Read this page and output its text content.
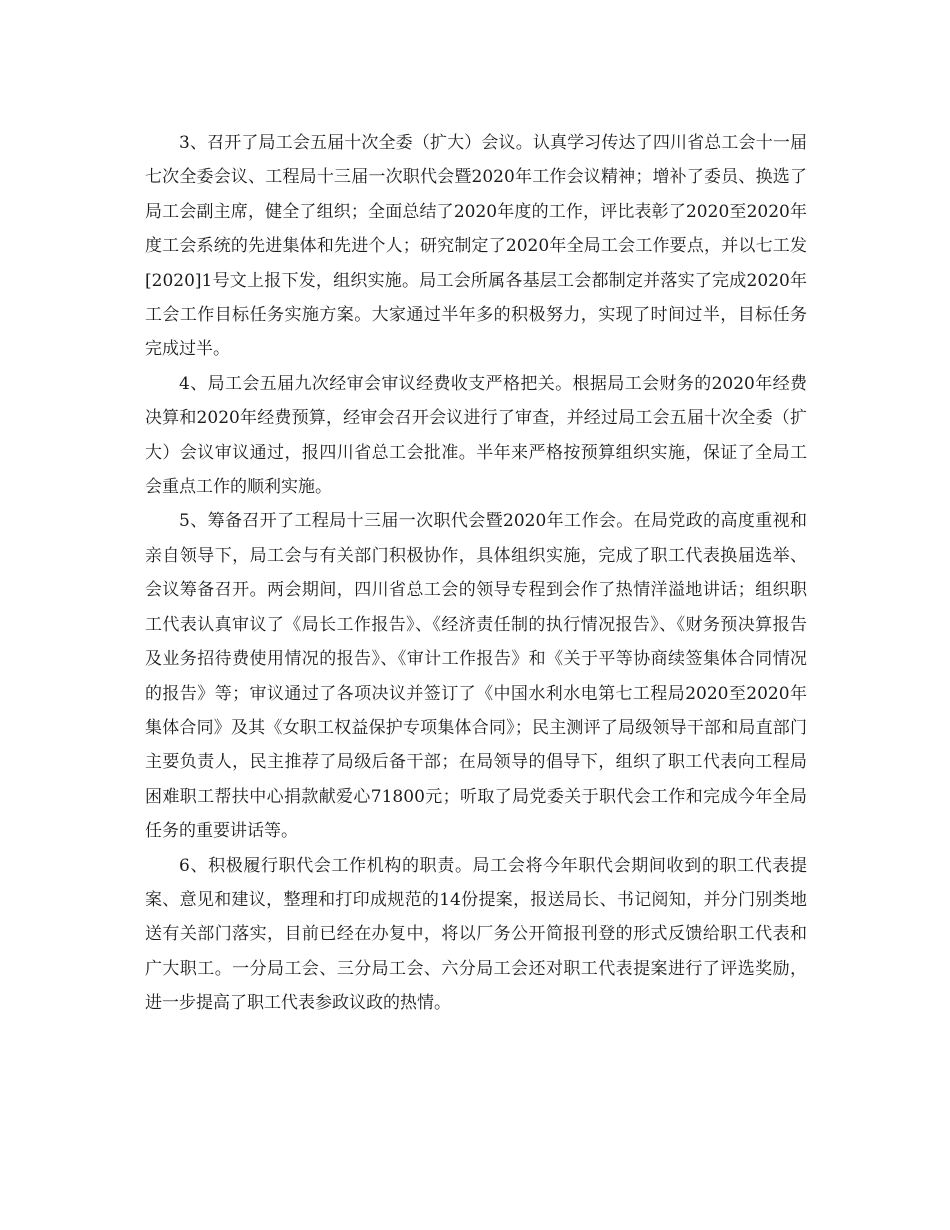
3、召开了局工会五届十次全委（扩大）会议。认真学习传达了四川省总工会十一届七次全委会议、工程局十三届一次职代会暨2020年工作会议精神；增补了委员、换选了局工会副主席，健全了组织；全面总结了2020年度的工作，评比表彰了2020至2020年度工会系统的先进集体和先进个人；研究制定了2020年全局工会工作要点，并以七工发[2020]1号文上报下发，组织实施。局工会所属各基层工会都制定并落实了完成2020年工会工作目标任务实施方案。大家通过半年多的积极努力，实现了时间过半，目标任务完成过半。

4、局工会五届九次经审会审议经费收支严格把关。根据局工会财务的2020年经费决算和2020年经费预算，经审会召开会议进行了审查，并经过局工会五届十次全委（扩大）会议审议通过，报四川省总工会批准。半年来严格按预算组织实施，保证了全局工会重点工作的顺利实施。

5、筹备召开了工程局十三届一次职代会暨2020年工作会。在局党政的高度重视和亲自领导下，局工会与有关部门积极协作，具体组织实施，完成了职工代表换届选举、会议筹备召开。两会期间，四川省总工会的领导专程到会作了热情洋溢地讲话；组织职工代表认真审议了《局长工作报告》、《经济责任制的执行情况报告》、《财务预决算报告及业务招待费使用情况的报告》、《审计工作报告》和《关于平等协商续签集体合同情况的报告》等；审议通过了各项决议并签订了《中国水利水电第七工程局2020至2020年集体合同》及其《女职工权益保护专项集体合同》；民主测评了局级领导干部和局直部门主要负责人，民主推荐了局级后备干部；在局领导的倡导下，组织了职工代表向工程局困难职工帮扶中心捐款献爱心71800元；听取了局党委关于职代会工作和完成今年全局任务的重要讲话等。

6、积极履行职代会工作机构的职责。局工会将今年职代会期间收到的职工代表提案、意见和建议，整理和打印成规范的14份提案，报送局长、书记阅知，并分门别类地送有关部门落实，目前已经在办复中，将以厂务公开简报刊登的形式反馈给职工代表和广大职工。一分局工会、三分局工会、六分局工会还对职工代表提案进行了评选奖励，进一步提高了职工代表参政议政的热情。
